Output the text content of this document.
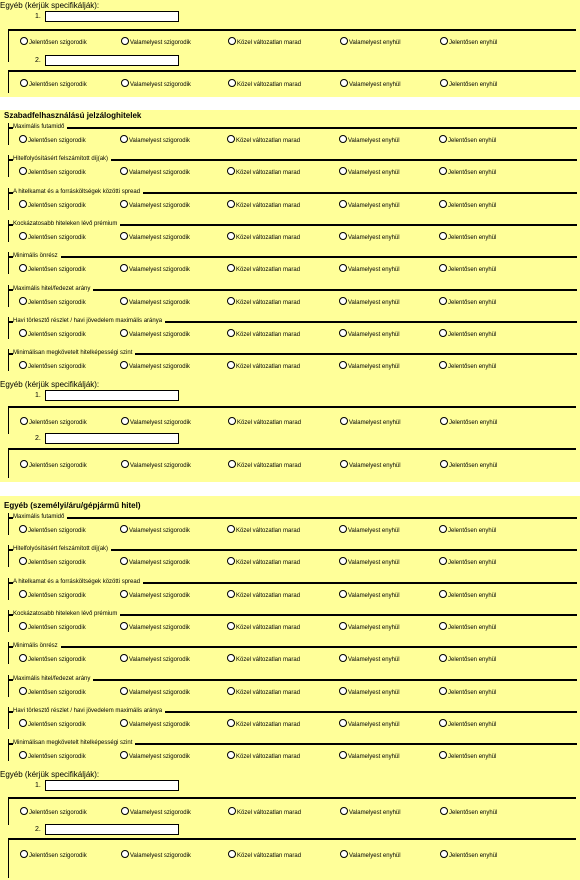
Egyéb (kérjük specifikálják):
1.
Jelentősen szigorodik	Valamelyest szigorodik	Közel változatlan marad	Valamelyest enyhül	Jelentősen enyhül
2.
Jelentősen szigorodik	Valamelyest szigorodik	Közel változatlan marad	Valamelyest enyhül	Jelentősen enyhül
Szabadfelhasználású jelzáloghitelek
Maximális futamidő
Jelentősen szigorodik	Valamelyest szigorodik	Közel változatlan marad	Valamelyest enyhül	Jelentősen enyhül
Hitelfolyósításért felszámított díj(ak)
Jelentősen szigorodik	Valamelyest szigorodik	Közel változatlan marad	Valamelyest enyhül	Jelentősen enyhül
A hitelkamat és a forrásköltségek közötti spread
Jelentősen szigorodik	Valamelyest szigorodik	Közel változatlan marad	Valamelyest enyhül	Jelentősen enyhül
Kockázatosabb hiteleken lévő prémium
Jelentősen szigorodik	Valamelyest szigorodik	Közel változatlan marad	Valamelyest enyhül	Jelentősen enyhül
Minimális önrész
Jelentősen szigorodik	Valamelyest szigorodik	Közel változatlan marad	Valamelyest enyhül	Jelentősen enyhül
Maximális hitel/fedezet arány
Jelentősen szigorodik	Valamelyest szigorodik	Közel változatlan marad	Valamelyest enyhül	Jelentősen enyhül
Havi törlesztő részlet / havi jövedelem maximális aránya
Jelentősen szigorodik	Valamelyest szigorodik	Közel változatlan marad	Valamelyest enyhül	Jelentősen enyhül
Minimálisan megkövetelt hitelképességi szint
Jelentősen szigorodik	Valamelyest szigorodik	Közel változatlan marad	Valamelyest enyhül	Jelentősen enyhül
Egyéb (kérjük specifikálják):
1.
Jelentősen szigorodik	Valamelyest szigorodik	Közel változatlan marad	Valamelyest enyhül	Jelentősen enyhül
2.
Jelentősen szigorodik	Valamelyest szigorodik	Közel változatlan marad	Valamelyest enyhül	Jelentősen enyhül
Egyéb (személyi/áru/gépjármű hitel)
Maximális futamidő
Jelentősen szigorodik	Valamelyest szigorodik	Közel változatlan marad	Valamelyest enyhül	Jelentősen enyhül
Hitelfolyósításért felszámított díj(ak)
Jelentősen szigorodik	Valamelyest szigorodik	Közel változatlan marad	Valamelyest enyhül	Jelentősen enyhül
A hitelkamat és a forrásköltségek közötti spread
Jelentősen szigorodik	Valamelyest szigorodik	Közel változatlan marad	Valamelyest enyhül	Jelentősen enyhül
Kockázatosabb hiteleken lévő prémium
Jelentősen szigorodik	Valamelyest szigorodik	Közel változatlan marad	Valamelyest enyhül	Jelentősen enyhül
Minimális önrész
Jelentősen szigorodik	Valamelyest szigorodik	Közel változatlan marad	Valamelyest enyhül	Jelentősen enyhül
Maximális hitel/fedezet arány
Jelentősen szigorodik	Valamelyest szigorodik	Közel változatlan marad	Valamelyest enyhül	Jelentősen enyhül
Havi törlesztő részlet / havi jövedelem maximális aránya
Jelentősen szigorodik	Valamelyest szigorodik	Közel változatlan marad	Valamelyest enyhül	Jelentősen enyhül
Minimálisan megkövetelt hitelképességi szint
Jelentősen szigorodik	Valamelyest szigorodik	Közel változatlan marad	Valamelyest enyhül	Jelentősen enyhül
Egyéb (kérjük specifikálják):
1.
Jelentősen szigorodik	Valamelyest szigorodik	Közel változatlan marad	Valamelyest enyhül	Jelentősen enyhül
2.
Jelentősen szigorodik	Valamelyest szigorodik	Közel változatlan marad	Valamelyest enyhül	Jelentősen enyhül
